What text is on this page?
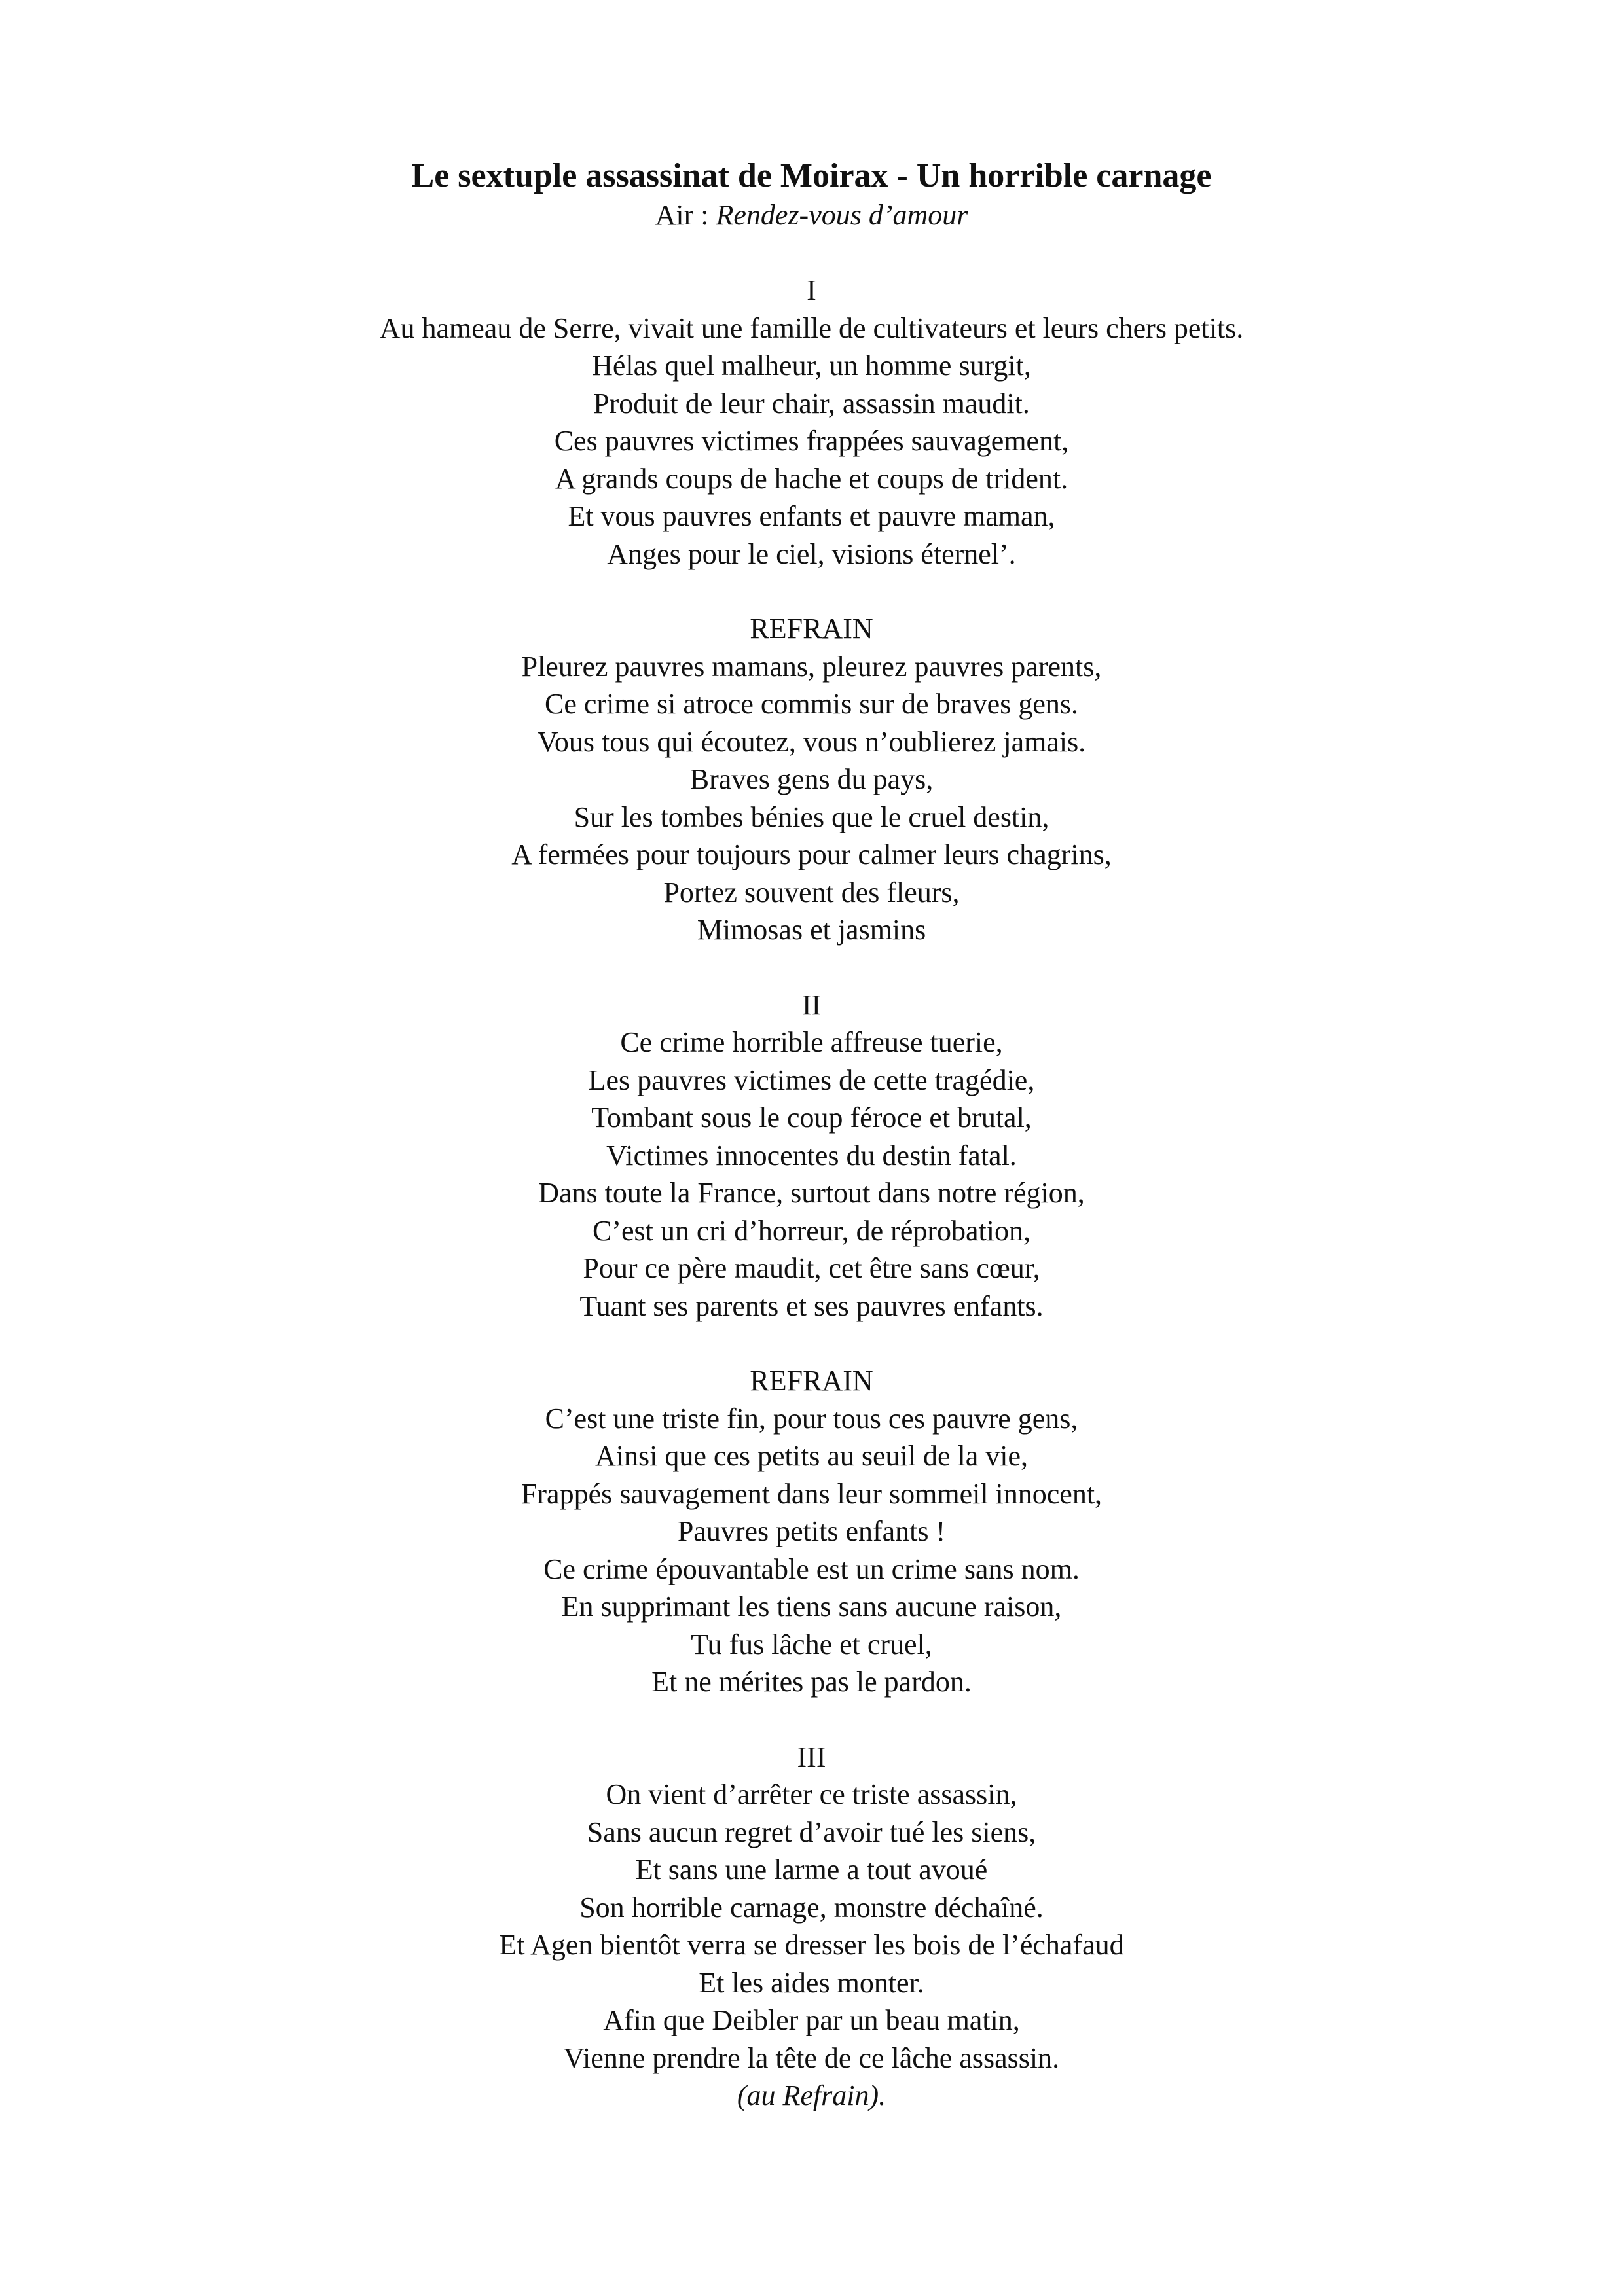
Le sextuple assassinat de Moirax - Un horrible carnage

Air : Rendez-vous d’amour

I
Au hameau de Serre, vivait une famille de cultivateurs et leurs chers petits.
Hélas quel malheur, un homme surgit,
Produit de leur chair, assassin maudit.
Ces pauvres victimes frappées sauvagement,
A grands coups de hache et coups de trident.
Et vous pauvres enfants et pauvre maman,
Anges pour le ciel, visions éternel’.
REFRAIN
Pleurez pauvres mamans, pleurez pauvres parents,
Ce crime si atroce commis sur de braves gens.
Vous tous qui écoutez, vous n’oublierez jamais.
Braves gens du pays,
Sur les tombes bénies que le cruel destin,
A fermées pour toujours pour calmer leurs chagrins,
Portez souvent des fleurs,
Mimosas et jasmins
II
Ce crime horrible affreuse tuerie,
Les pauvres victimes de cette tragédie,
Tombant sous le coup féroce et brutal,
Victimes innocentes du destin fatal.
Dans toute la France, surtout dans notre région,
C’est un cri d’horreur, de réprobation,
Pour ce père maudit, cet être sans cœur,
Tuant ses parents et ses pauvres enfants.
REFRAIN
C’est une triste fin, pour tous ces pauvre gens,
Ainsi que ces petits au seuil de la vie,
Frappés sauvagement dans leur sommeil innocent,
Pauvres petits enfants !
Ce crime épouvantable est un crime sans nom.
En supprimant les tiens sans aucune raison,
Tu fus lâche et cruel,
Et ne mérites pas le pardon.
III
On vient d’arrêter ce triste assassin,
Sans aucun regret d’avoir tué les siens,
Et sans une larme a tout avoué
Son horrible carnage, monstre déchaîné.
Et Agen bientôt verra se dresser les bois de l’échafaud
Et les aides monter.
Afin que Deibler par un beau matin,
Vienne prendre la tête de ce lâche assassin.
(au Refrain).
